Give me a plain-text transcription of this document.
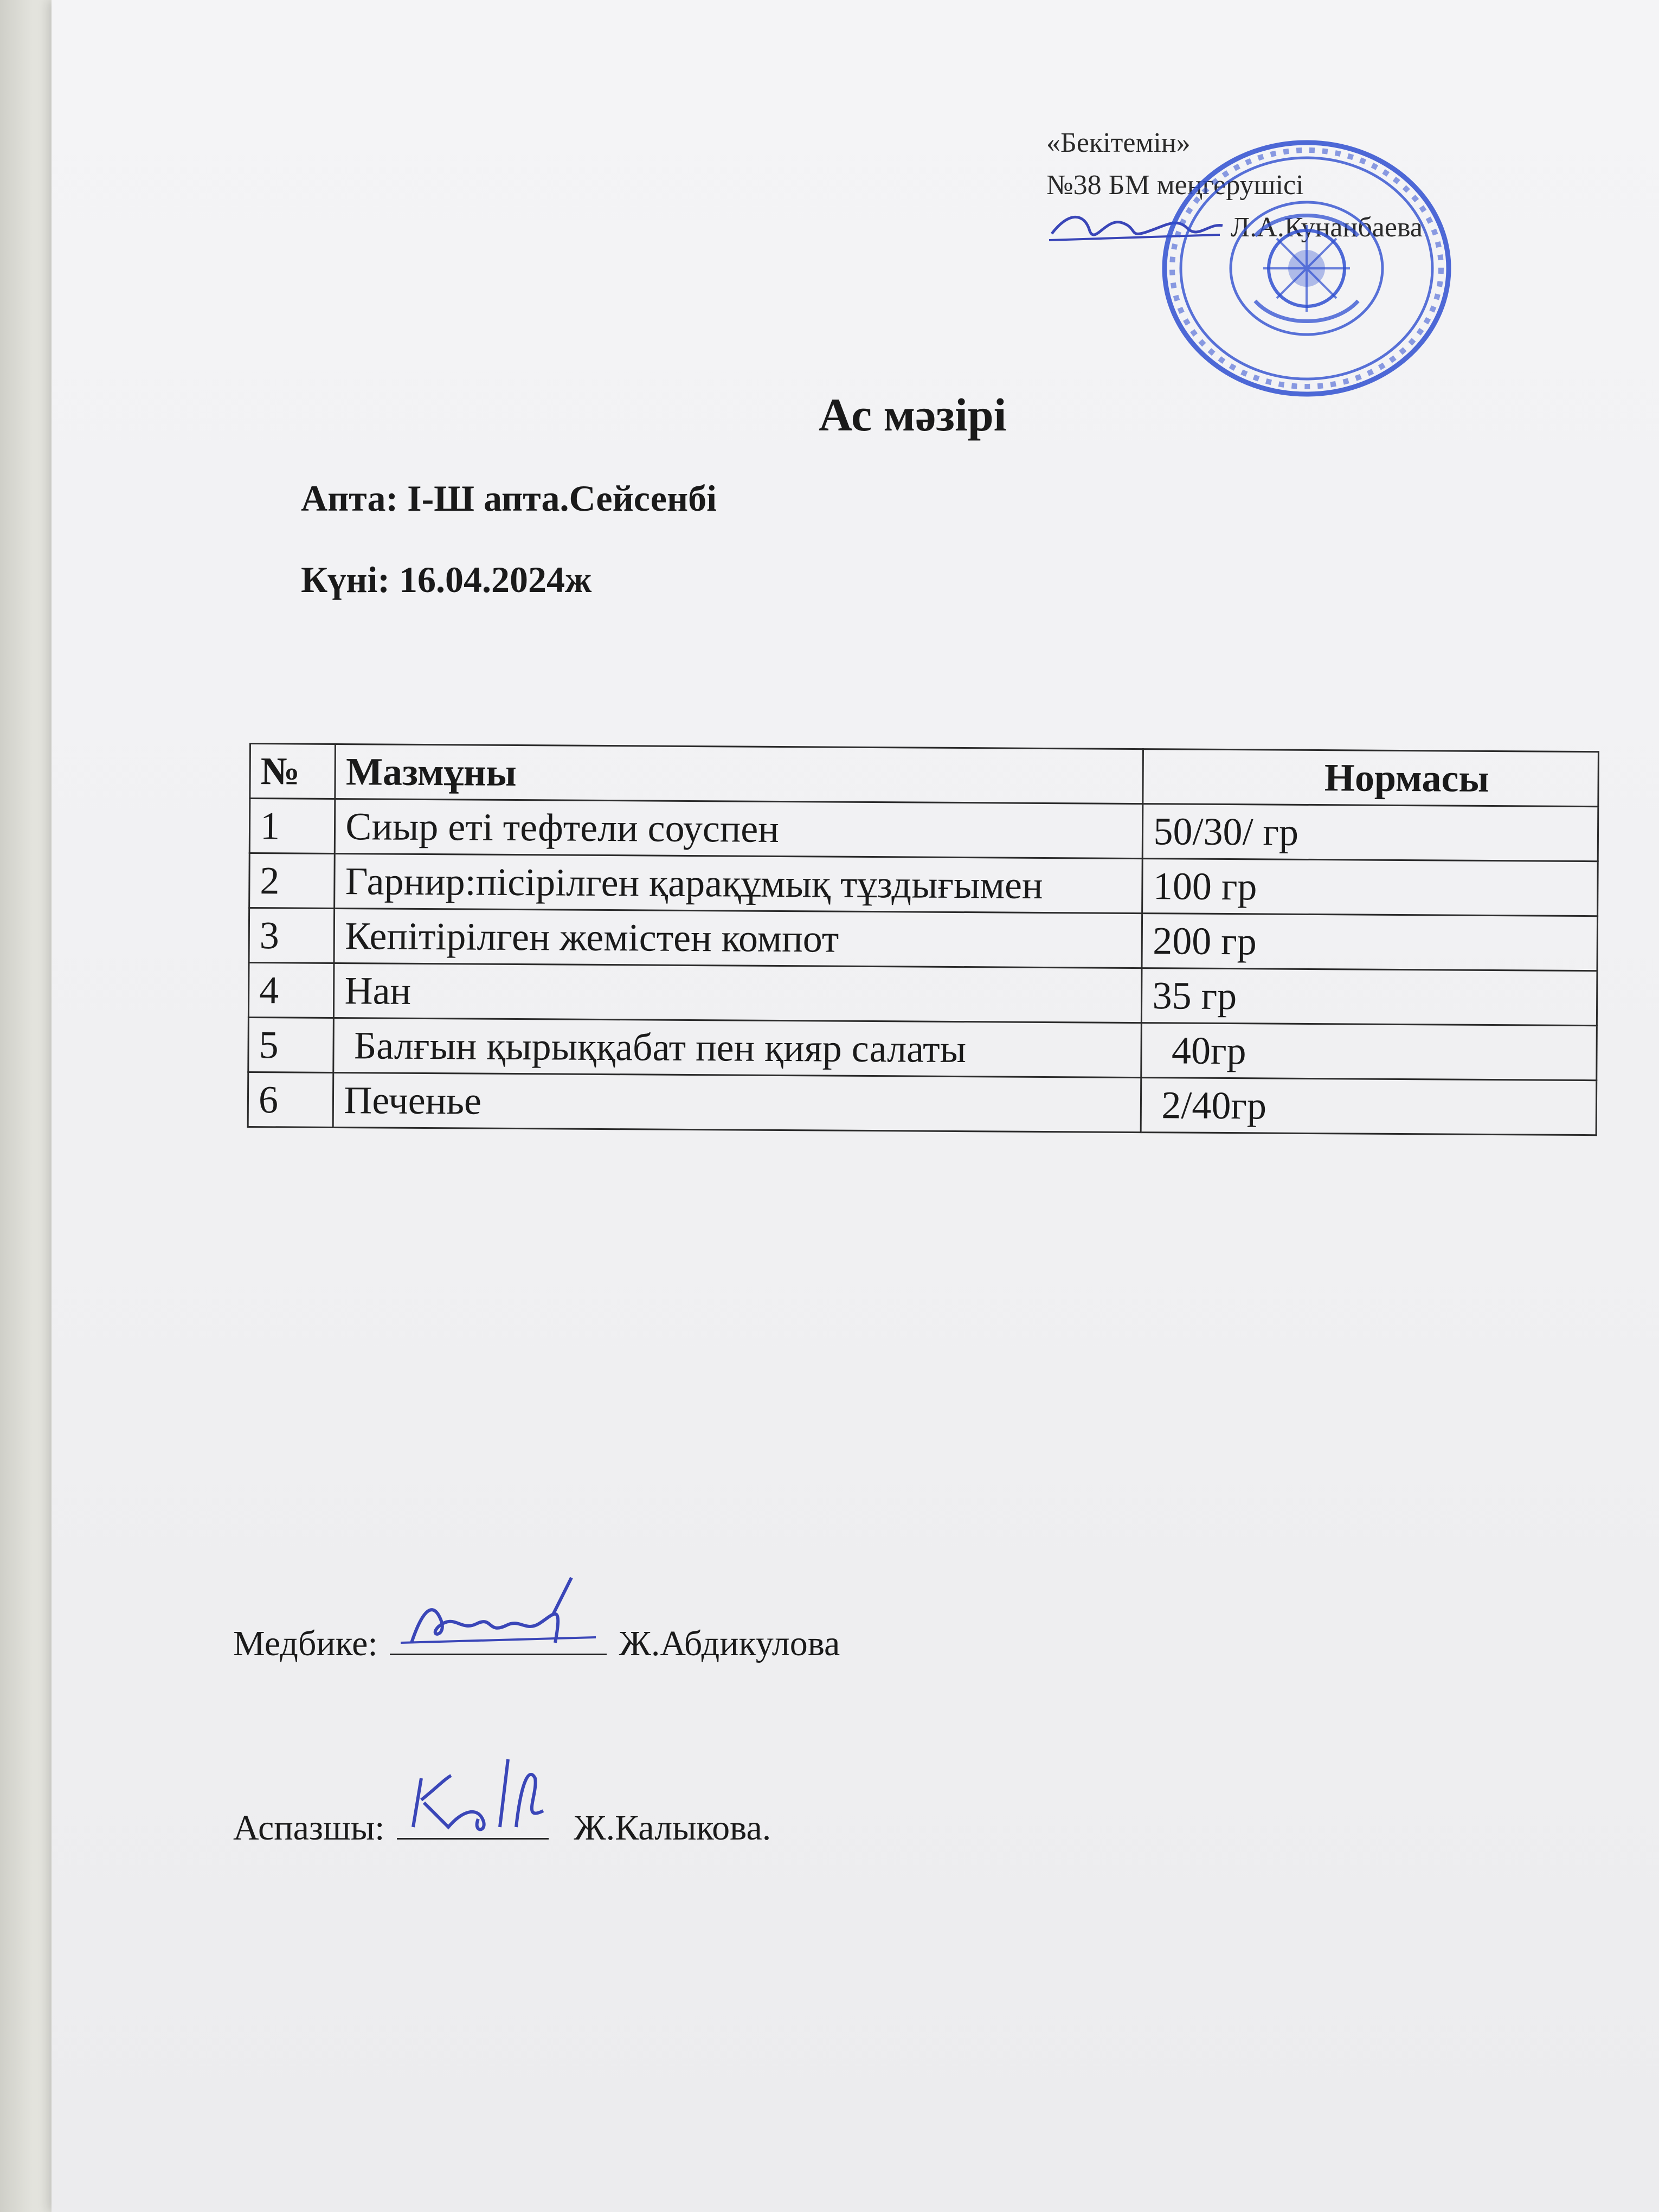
«Бекітемін»
№38 БМ меңгерушісі
Л.А.Кунанбаева
Ас мәзірі
Апта: І-Ш апта.Сейсенбі
Күні: 16.04.2024ж
№	Мазмұны	Нормасы
1	Сиыр еті тефтели соуспен	50/30/ гр
2	Гарнир:пісірілген қарақұмық тұздығымен	100 гр
3	Кепітірілген жемістен компот	200 гр
4	Нан	35 гр
5	Балғын қырыққабат пен қияр салаты	40гр
6	Печенье	2/40гр
Медбике:	Ж.Абдикулова
Аспазшы:	Ж.Калыкова.
